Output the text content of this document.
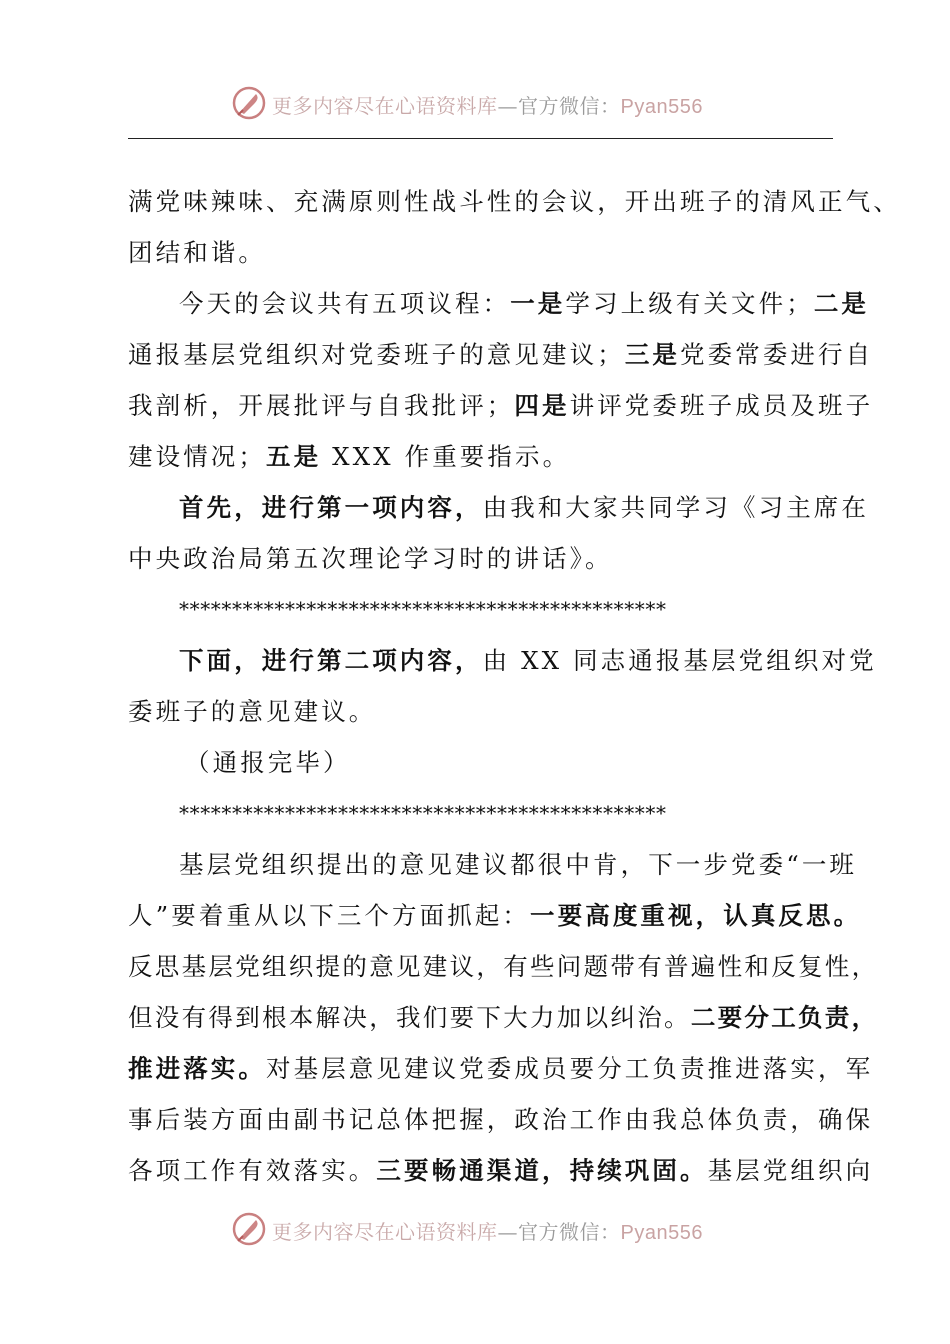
更多内容尽在心语资料库—官方微信：Pyan556
满党味辣味、充满原则性战斗性的会议，开出班子的清风正气、
团结和谐。
今天的会议共有五项议程：一是学习上级有关文件；二是
通报基层党组织对党委班子的意见建议；三是党委常委进行自
我剖析，开展批评与自我批评；四是讲评党委班子成员及班子
建设情况；五是 XXX 作重要指示。
首先，进行第一项内容，由我和大家共同学习《习主席在
中央政治局第五次理论学习时的讲话》。
**********************************************
下面，进行第二项内容，由 XX 同志通报基层党组织对党
委班子的意见建议。
（通报完毕）
**********************************************
基层党组织提出的意见建议都很中肯，下一步党委“一班
人”要着重从以下三个方面抓起：一要高度重视，认真反思。
反思基层党组织提的意见建议，有些问题带有普遍性和反复性，
但没有得到根本解决，我们要下大力加以纠治。二要分工负责，
推进落实。对基层意见建议党委成员要分工负责推进落实，军
事后装方面由副书记总体把握，政治工作由我总体负责，确保
各项工作有效落实。三要畅通渠道，持续巩固。基层党组织向
更多内容尽在心语资料库—官方微信：Pyan556
